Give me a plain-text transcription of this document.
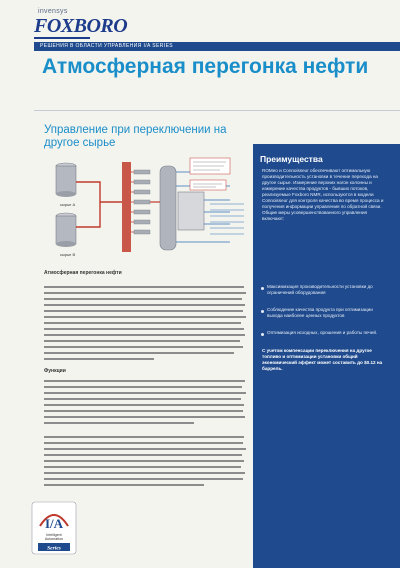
invensys
FOXBORO
РЕШЕНИЯ В ОБЛАСТИ УПРАВЛЕНИЯ I/A SERIES
Атмосферная перегонка нефти
Управление при переключении на другое сырье
сырье А
сырье В
Атмосферная перегонка нефти
Функции
I/A
Intelligent
Automation
Series
Преимущества
ROMeo и Connoisseur обеспечивают оптимальную производительность установки в течение перехода на другое сырье. Измерение верхних нагон колонны и измерение качества продуктов - бывших потоков, реализуемые Foxboro NMR, используются в модели Connoisseur для контроля качества во время процесса и получения информации управления по обратной связи. Общие меры усовершенствованного управления включают:
Максимизация производительности установки до ограничений оборудования
Соблюдение качества продукта при оптимизации выхода наиболее ценных продуктов
Оптимизация исходных, орошения и работы печей.
С учетом компенсации переключения на другое топливо и оптимизации установки общий экономический эффект может составить до $0.12 на баррель.
